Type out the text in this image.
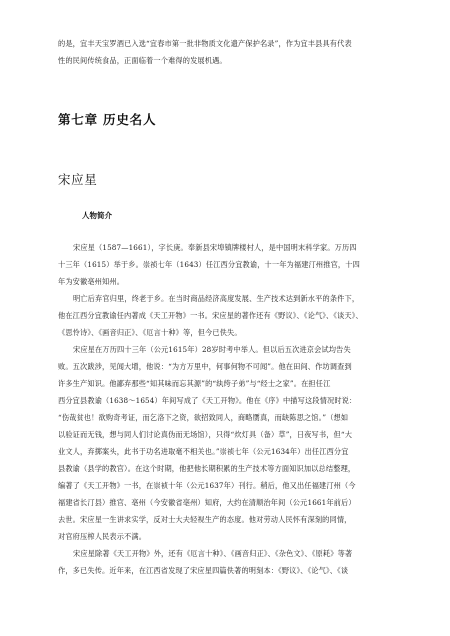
的是，宜丰天宝罗酒已入选“宜春市第一批非物质文化遗产保护名录”，作为宜丰县具有代表
性的民间传统食品，正面临着一个难得的发展机遇。
第七章 历史名人
宋应星
人物简介
宋应星（1587—1661），字长庚。奉新县宋埠镇牌楼村人，是中国明末科学家。万历四
十三年（1615）举于乡。崇祯七年（1643）任江西分宜教谕，十一年为福建汀州推官，十四
年为安徽亳州知州。
明亡后弃官归里，终老于乡。在当时商品经济高度发展、生产技术达到新水平的条件下，
他在江西分宜教谕任内著成《天工开物》一书。宋应星的著作还有《野议》、《论气》、《谈天》、
《思怜诗》、《画音归正》、《厄言十种》等，但今已佚失。
宋应星在万历四十三年（公元1615年）28岁时考中举人。但以后五次进京会试均告失
败。五次跋涉，见闻大增，他说：“为方万里中，何事何物不可闻”。他在田间、作坊调查到
许多生产知识。他鄙弃那些“知其味而忘其源”的“纨绔子弟”与“经士之家”。在担任江
西分宜县教谕（1638～1654）年间写成了《天工开物》。他在《序》中描写这段情况时说：
“伤哉贫也！欲购奇考证，而乞洛下之资，欲招致同人，商略赝真，而缺陈思之馆。”（想如
以验证而无钱，想与同人们讨论真伪而无场馆），只得“炊灯具（备）草”，日夜写书，但“大
业文人，弃掷案头，此书于功名进取毫不相关也。”崇祯七年（公元1634年）出任江西分宜
县教谕（县学的教官）。在这个时期，他把他长期积累的生产技术等方面知识加以总结整理，
编著了《天工开物》一书，在崇祯十年（公元1637年）刊行。稍后，他又出任福建汀州（今
福建省长汀县）推官、亳州（今安徽省亳州）知府，大约在清顺治年间（公元1661年前后）
去世。宋应星一生讲求实学，反对士大夫轻视生产的态度。他对劳动人民怀有深刻的同情，
对官府压榨人民表示不满。
宋应星除著《天工开物》外，还有《厄言十种》、《画音归正》、《杂色文》、《原耗》等著
作，多已失传。近年来，在江西省发现了宋应星四篇佚著的明刻本：《野议》、《论气》、《谈
